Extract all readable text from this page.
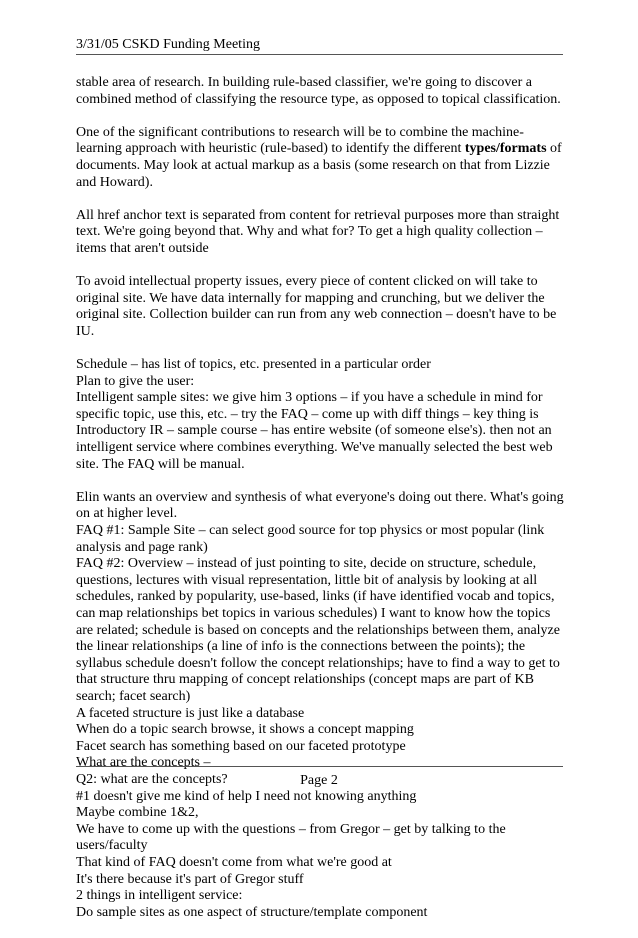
3/31/05 CSKD Funding Meeting

stable area of research. In building rule-based classifier, we're going to discover a combined method of classifying the resource type, as opposed to topical classification.

One of the significant contributions to research will be to combine the machine-learning approach with heuristic (rule-based) to identify the different types/formats of documents. May look at actual markup as a basis (some research on that from Lizzie and Howard).

All href anchor text is separated from content for retrieval purposes more than straight text. We're going beyond that. Why and what for? To get a high quality collection – items that aren't outside

To avoid intellectual property issues, every piece of content clicked on will take to original site. We have data internally for mapping and crunching, but we deliver the original site. Collection builder can run from any web connection – doesn't have to be IU.

Schedule – has list of topics, etc. presented in a particular order
Plan to give the user:
Intelligent sample sites: we give him 3 options – if you have a schedule in mind for specific topic, use this, etc. – try the FAQ – come up with diff things – key thing is Introductory IR – sample course – has entire website (of someone else's). then not an intelligent service where combines everything. We've manually selected the best web site. The FAQ will be manual.

Elin wants an overview and synthesis of what everyone's doing out there. What's going on at higher level.
FAQ #1: Sample Site – can select good source for top physics or most popular (link analysis and page rank)
FAQ #2: Overview – instead of just pointing to site, decide on structure, schedule, questions, lectures with visual representation, little bit of analysis by looking at all schedules, ranked by popularity, use-based, links (if have identified vocab and topics, can map relationships bet topics in various schedules) I want to know how the topics are related; schedule is based on concepts and the relationships between them, analyze the linear relationships (a line of info is the connections between the points); the syllabus schedule doesn't follow the concept relationships; have to find a way to get to that structure thru mapping of concept relationships (concept maps are part of KB search; facet search)
A faceted structure is just like a database
When do a topic search browse, it shows a concept mapping
Facet search has something based on our faceted prototype
What are the concepts –
Q2: what are the concepts?
#1 doesn't give me kind of help I need not knowing anything
Maybe combine 1&2,
We have to come up with the questions – from Gregor – get by talking to the users/faculty
That kind of FAQ doesn't come from what we're good at
It's there because it's part of Gregor stuff
2 things in intelligent service:
Do sample sites as one aspect of structure/template component

Page 2
